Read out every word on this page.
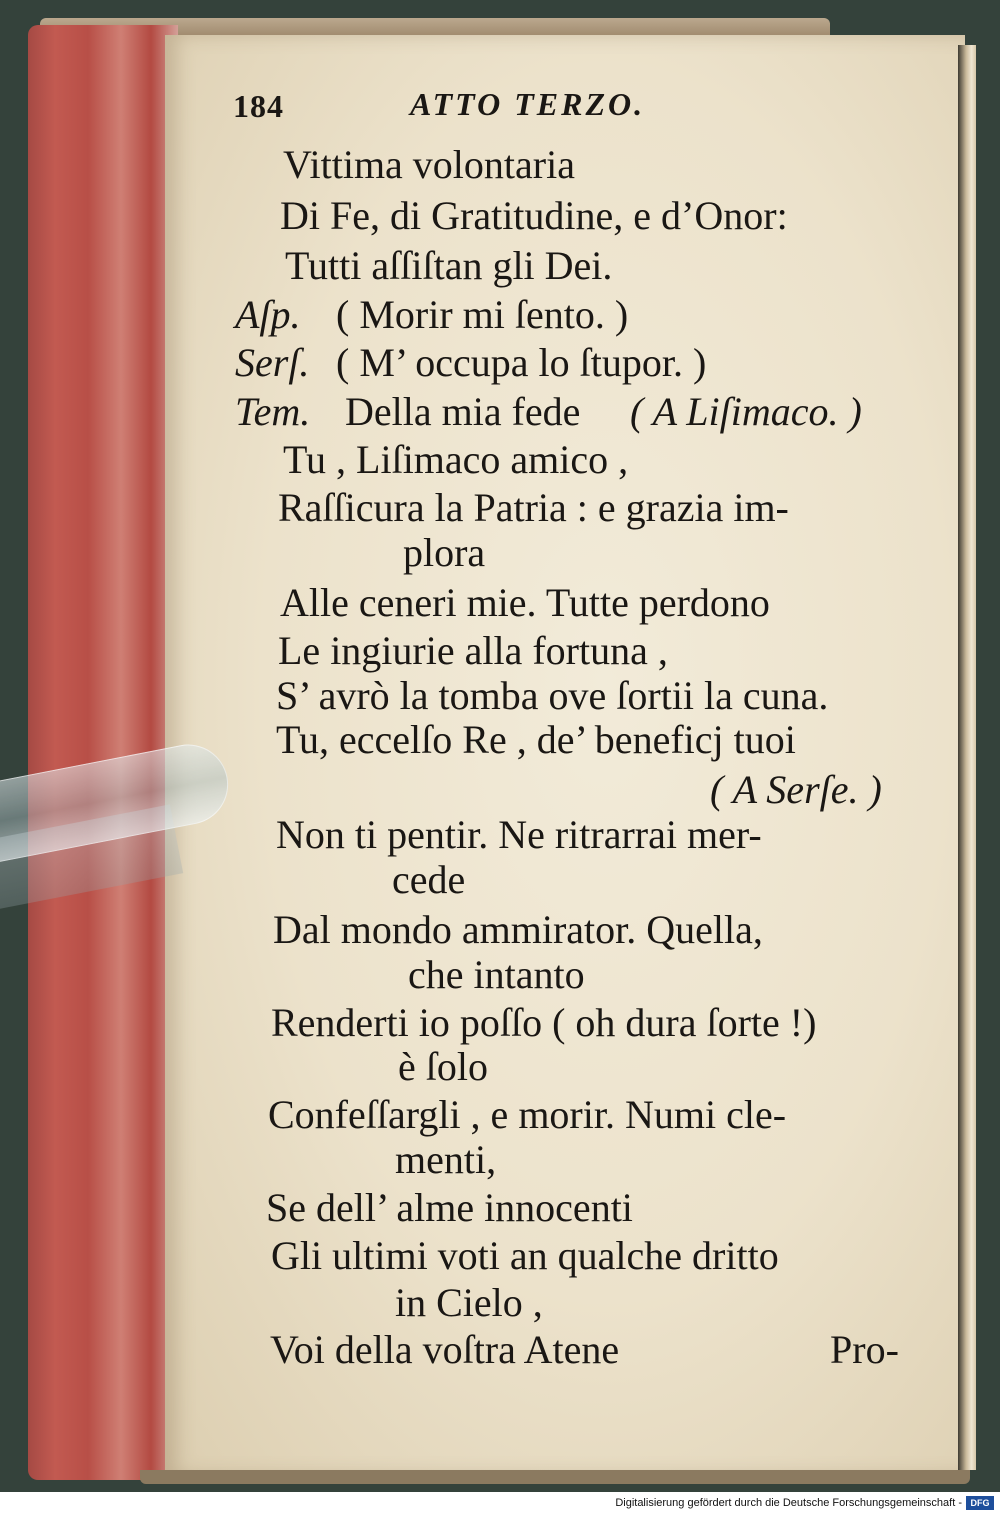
184	ATTO TERZO.
Vittima volontaria
Di Fe, di Gratitudine, e d’Onor:
Tutti aſſiſtan gli Dei.
Aſp. ( Morir mi ſento. )
Serſ. ( M’ occupa lo ſtupor. )
Tem. Della mia fede ( A Liſimaco. )
Tu , Liſimaco amico ,
Raſſicura la Patria : e grazia im-
plora
Alle ceneri mie. Tutte perdono
Le ingiurie alla fortuna ,
S’ avrò la tomba ove ſortii la cuna.
Tu, eccelſo Re , de’ beneficj tuoi
( A Serſe. )
Non ti pentir. Ne ritrarrai mer-
cede
Dal mondo ammirator. Quella,
che intanto
Renderti io poſſo ( oh dura ſorte !)
è ſolo
Confeſſargli , e morir. Numi cle-
menti,
Se dell’ alme innocenti
Gli ultimi voti an qualche dritto
in Cielo ,
Voi della voſtra Atene	Pro-
Digitalisierung gefördert durch die Deutsche Forschungsgemeinschaft - DFG
